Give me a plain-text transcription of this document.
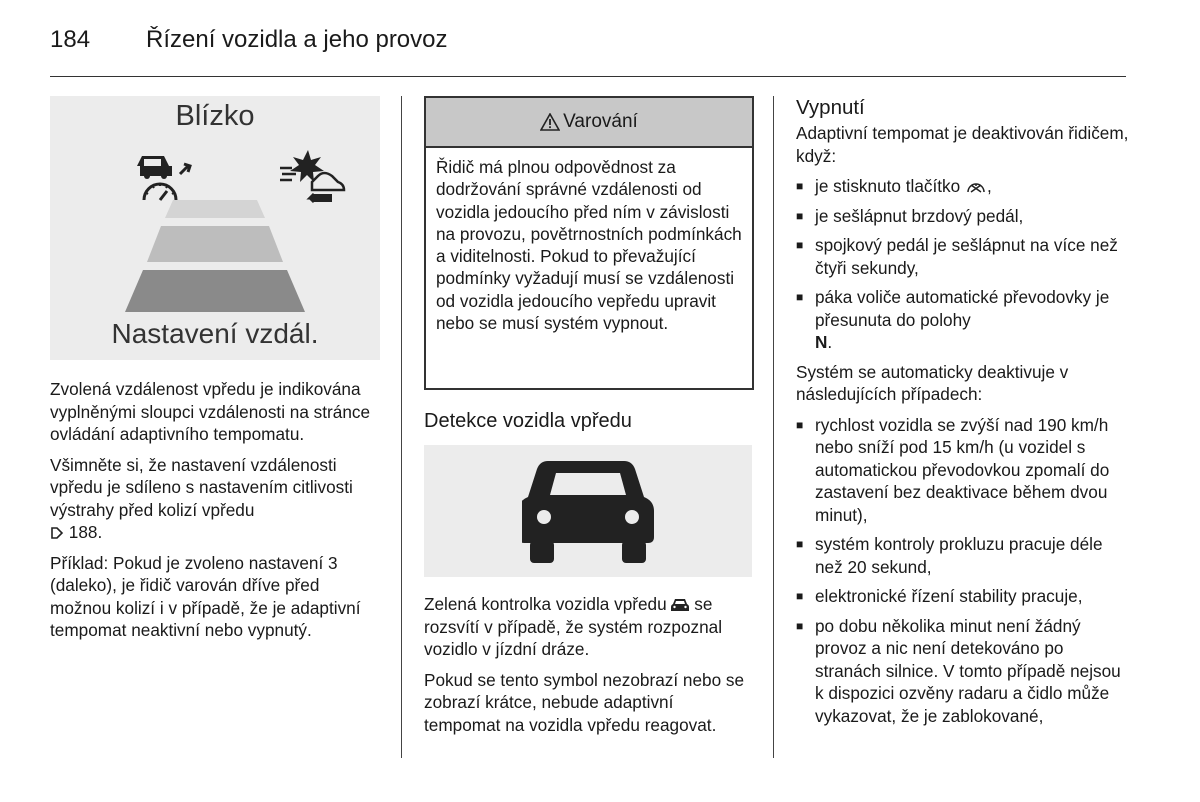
184 Řízení vozidla a jeho provoz
Blízko
Nastavení vzdál.

Zvolená vzdálenost vpředu je indikována vyplněnými sloupci vzdálenosti na stránce ovládání adaptivního tempomatu.

Všimněte si, že nastavení vzdálenosti vpředu je sdíleno s nastavením citlivosti výstrahy před kolizí vpředu
188.

Příklad: Pokud je zvoleno nastavení 3 (daleko), je řidič varován dříve před možnou kolizí i v případě, že je adaptivní tempomat neaktivní nebo vypnutý.

Varování
Řidič má plnou odpovědnost za dodržování správné vzdálenosti od vozidla jedoucího před ním v závislosti na provozu, povětrnostních podmínkách a viditelnosti. Pokud to převažující podmínky vyžadují musí se vzdálenosti od vozidla jedoucího vepředu upravit nebo se musí systém vypnout.
Detekce vozidla vpředu

Zelená kontrolka vozidla vpředu se rozsvítí v případě, že systém rozpoznal vozidlo v jízdní dráze.

Pokud se tento symbol nezobrazí nebo se zobrazí krátce, nebude adaptivní tempomat na vozidla vpředu reagovat.

Vypnutí

Adaptivní tempomat je deaktivován řidičem, když:

■ je stisknuto tlačítko ,
■ je sešlápnut brzdový pedál,
■ spojkový pedál je sešlápnut na více než čtyři sekundy,
■ páka voliče automatické převodovky je přesunuta do polohy
N.

Systém se automaticky deaktivuje v následujících případech:

■ rychlost vozidla se zvýší nad 190 km/h nebo sníží pod 15 km/h (u vozidel s automatickou převodovkou zpomalí do zastavení bez deaktivace během dvou minut),
■ systém kontroly prokluzu pracuje déle než 20 sekund,
■ elektronické řízení stability pracuje,
■ po dobu několika minut není žádný provoz a nic není detekováno po stranách silnice. V tomto případě nejsou k dispozici ozvěny radaru a čidlo může vykazovat, že je zablokované,
